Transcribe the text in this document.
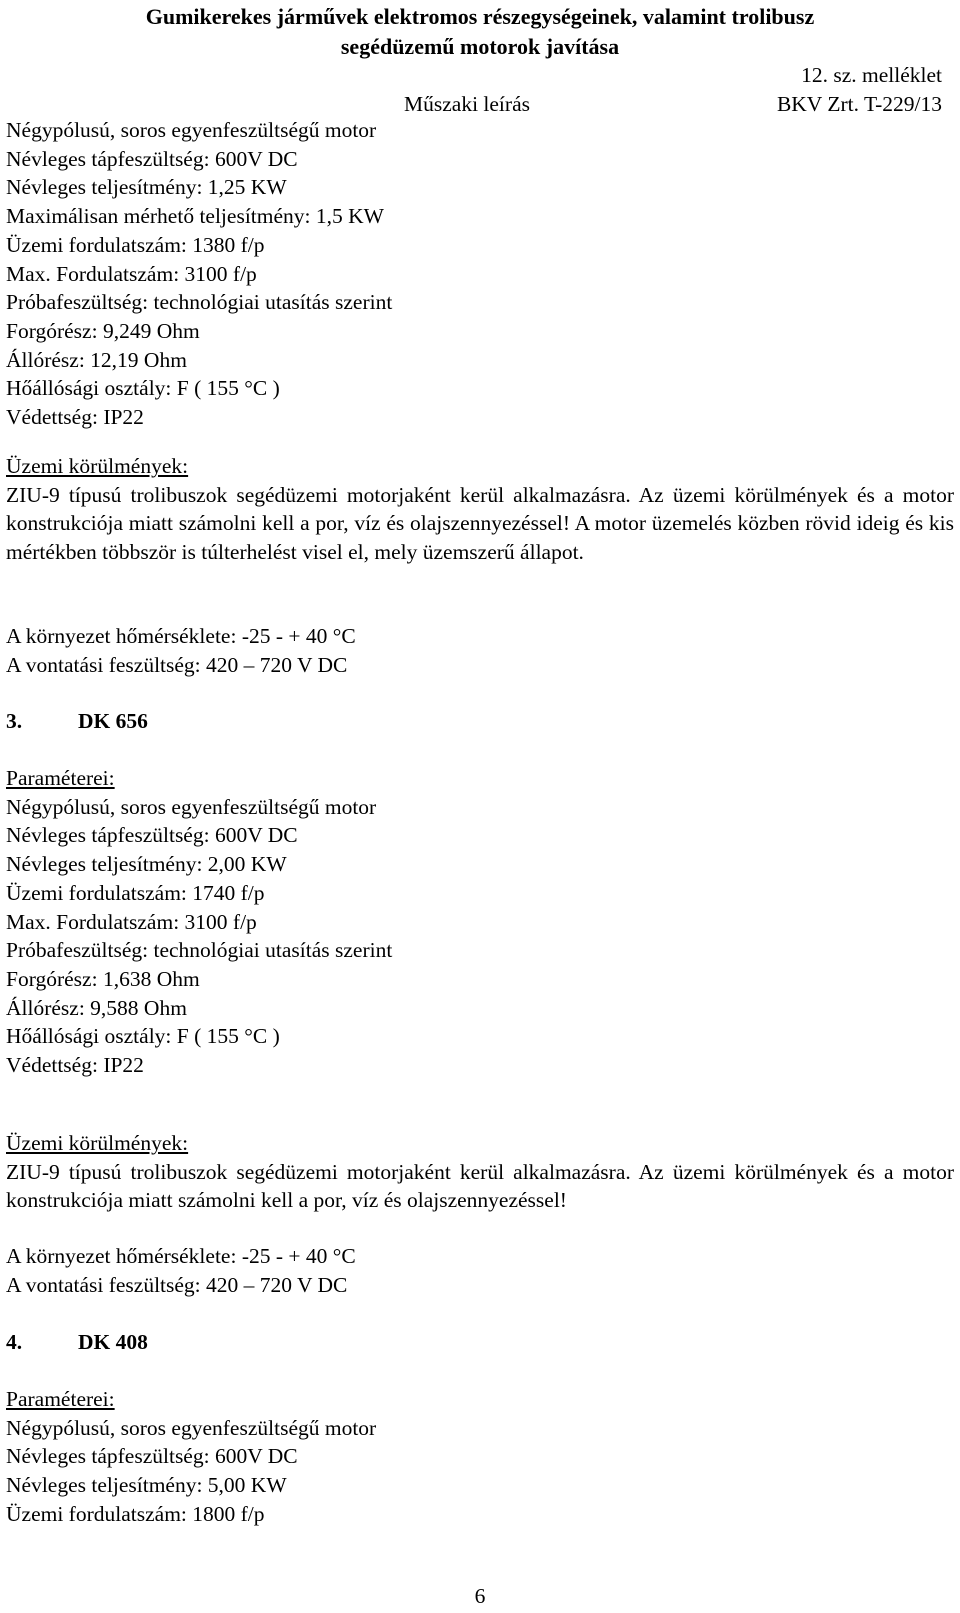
Gumikerekes járművek elektromos részegységeinek, valamint trolibusz
segédüzemű motorok javítása
12. sz. melléklet
Műszaki leírás	BKV Zrt. T-229/13
Négypólusú, soros egyenfeszültségű motor
Névleges tápfeszültség: 600V DC
Névleges teljesítmény: 1,25 KW
Maximálisan mérhető teljesítmény: 1,5 KW
Üzemi fordulatszám: 1380 f/p
Max. Fordulatszám: 3100 f/p
Próbafeszültség: technológiai utasítás szerint
Forgórész: 9,249 Ohm
Állórész: 12,19 Ohm
Hőállósági osztály: F ( 155 °C )
Védettség: IP22
Üzemi körülmények:
ZIU-9 típusú trolibuszok segédüzemi motorjaként kerül alkalmazásra. Az üzemi körülmények és a motor konstrukciója miatt számolni kell a por, víz és olajszennyezéssel! A motor üzemelés közben rövid ideig és kis mértékben többször is túlterhelést visel el, mely üzemszerű állapot.
A környezet hőmérséklete: -25 - + 40 °C
A vontatási feszültség: 420 – 720 V DC
3.	DK 656
Paraméterei:
Négypólusú, soros egyenfeszültségű motor
Névleges tápfeszültség: 600V DC
Névleges teljesítmény: 2,00 KW
Üzemi fordulatszám: 1740 f/p
Max. Fordulatszám: 3100 f/p
Próbafeszültség: technológiai utasítás szerint
Forgórész: 1,638 Ohm
Állórész: 9,588 Ohm
Hőállósági osztály: F ( 155 °C )
Védettség: IP22
Üzemi körülmények:
ZIU-9 típusú trolibuszok segédüzemi motorjaként kerül alkalmazásra. Az üzemi körülmények és a motor konstrukciója miatt számolni kell a por, víz és olajszennyezéssel!
A környezet hőmérséklete: -25 - + 40 °C
A vontatási feszültség: 420 – 720 V DC
4.	DK 408
Paraméterei:
Négypólusú, soros egyenfeszültségű motor
Névleges tápfeszültség: 600V DC
Névleges teljesítmény: 5,00 KW
Üzemi fordulatszám: 1800 f/p
6
